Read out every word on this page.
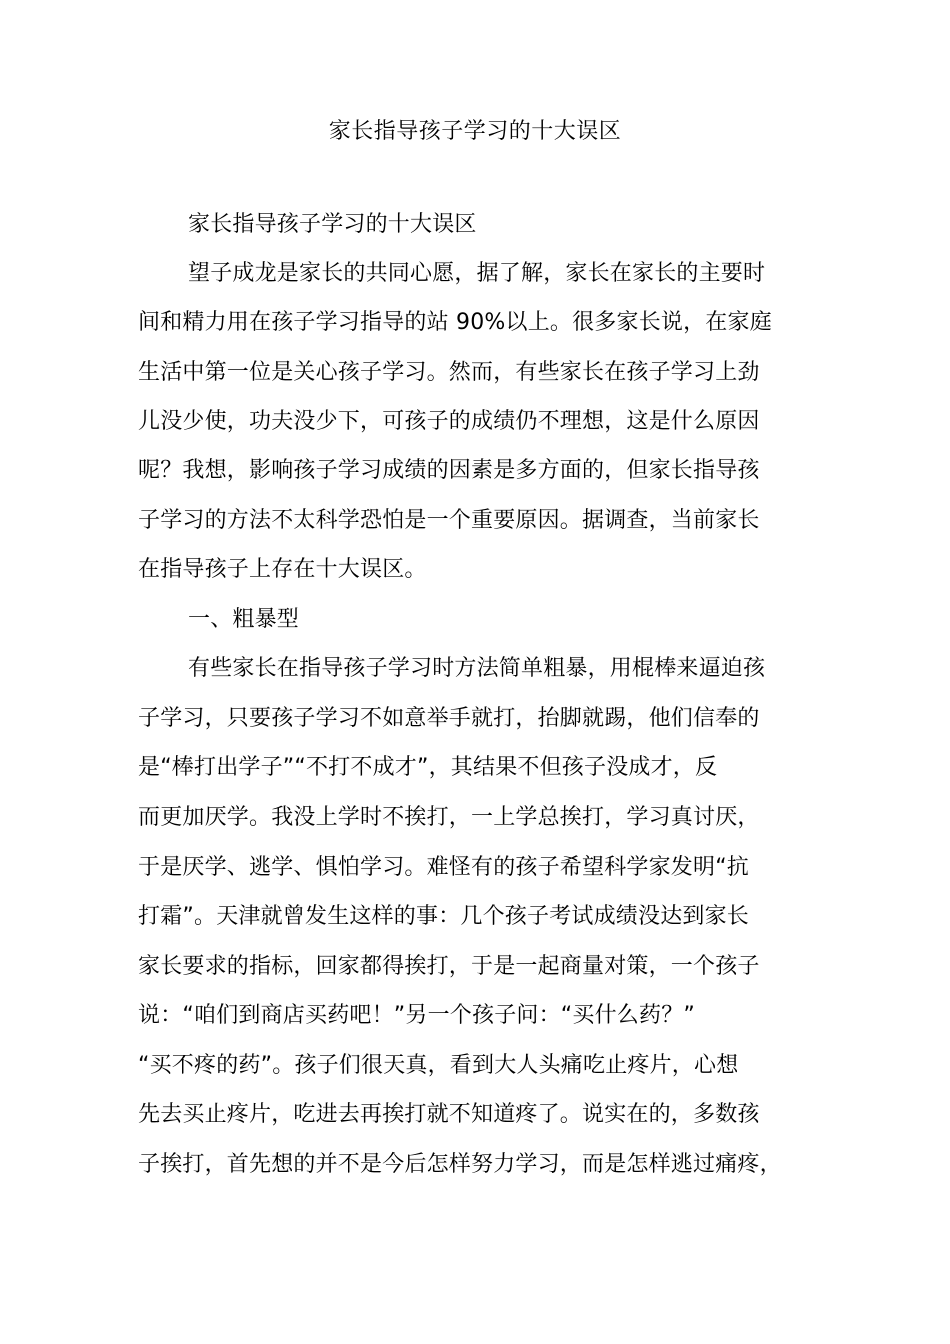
家长指导孩子学习的十大误区
家长指导孩子学习的十大误区
望子成龙是家长的共同心愿，据了解，家长在家长的主要时
间和精力用在孩子学习指导的站 90%以上。很多家长说，在家庭
生活中第一位是关心孩子学习。然而，有些家长在孩子学习上劲
儿没少使，功夫没少下，可孩子的成绩仍不理想，这是什么原因
呢？我想，影响孩子学习成绩的因素是多方面的，但家长指导孩
子学习的方法不太科学恐怕是一个重要原因。据调查，当前家长
在指导孩子上存在十大误区。
一、粗暴型
有些家长在指导孩子学习时方法简单粗暴，用棍棒来逼迫孩
子学习，只要孩子学习不如意举手就打，抬脚就踢，他们信奉的
是“棒打出学子”“不打不成才”，其结果不但孩子没成才，反
而更加厌学。我没上学时不挨打，一上学总挨打，学习真讨厌，
于是厌学、逃学、惧怕学习。难怪有的孩子希望科学家发明“抗
打霜”。天津就曾发生这样的事：几个孩子考试成绩没达到家长
家长要求的指标，回家都得挨打，于是一起商量对策，一个孩子
说：“咱们到商店买药吧！”另一个孩子问：“买什么药？”
“买不疼的药”。孩子们很天真，看到大人头痛吃止疼片，心想
先去买止疼片，吃进去再挨打就不知道疼了。说实在的，多数孩
子挨打，首先想的并不是今后怎样努力学习，而是怎样逃过痛疼，
